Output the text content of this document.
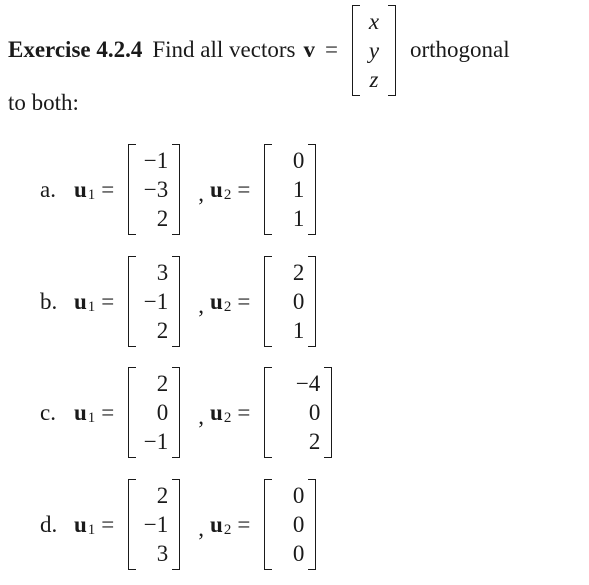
Exercise 4.2.4 Find all vectors v =
x
y
z
orthogonal
to both:
a. u 1 =
−1
−3
2
, u 2 =
0
1
1
b. u 1 =
3
−1
2
, u 2 =
2
0
1
c. u 1 =
2
0
−1
, u 2 =
−4
0
2
d. u 1 =
2
−1
3
, u 2 =
0
0
0
